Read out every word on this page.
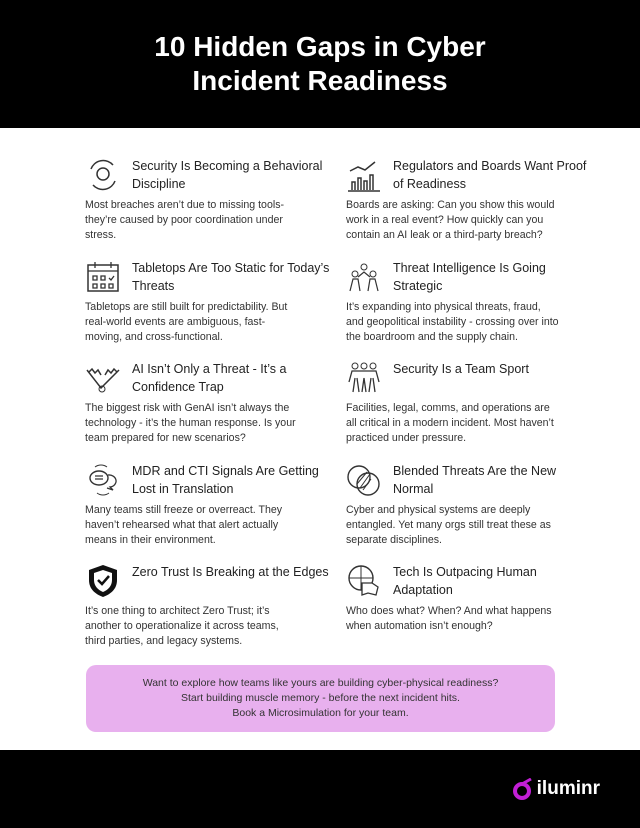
10 Hidden Gaps in Cyber Incident Readiness
Security Is Becoming a Behavioral Discipline
Most breaches aren’t due to missing tools-they’re caused by poor coordination under stress.
Regulators and Boards Want Proof of Readiness
Boards are asking: Can you show this would work in a real event? How quickly can you contain an AI leak or a third-party breach?
Tabletops Are Too Static for Today’s Threats
Tabletops are still built for predictability. But real-world events are ambiguous, fast-moving, and cross-functional.
Threat Intelligence Is Going Strategic
It’s expanding into physical threats, fraud, and geopolitical instability - crossing over into the boardroom and the supply chain.
AI Isn’t Only a Threat - It’s a Confidence Trap
The biggest risk with GenAI isn’t always the technology - it’s the human response. Is your team prepared for new scenarios?
Security Is a Team Sport
Facilities, legal, comms, and operations are all critical in a modern incident. Most haven’t practiced under pressure.
MDR and CTI Signals Are Getting Lost in Translation
Many teams still freeze or overreact. They haven’t rehearsed what that alert actually means in their environment.
Blended Threats Are the New Normal
Cyber and physical systems are deeply entangled. Yet many orgs still treat these as separate disciplines.
Zero Trust Is Breaking at the Edges
It’s one thing to architect Zero Trust; it’s another to operationalize it across teams, third parties, and legacy systems.
Tech Is Outpacing Human Adaptation
Who does what? When? And what happens when automation isn’t enough?
Want to explore how teams like yours are building cyber-physical readiness?
Start building muscle memory - before the next incident hits.
Book a Microsimulation for your team.
iluminr
